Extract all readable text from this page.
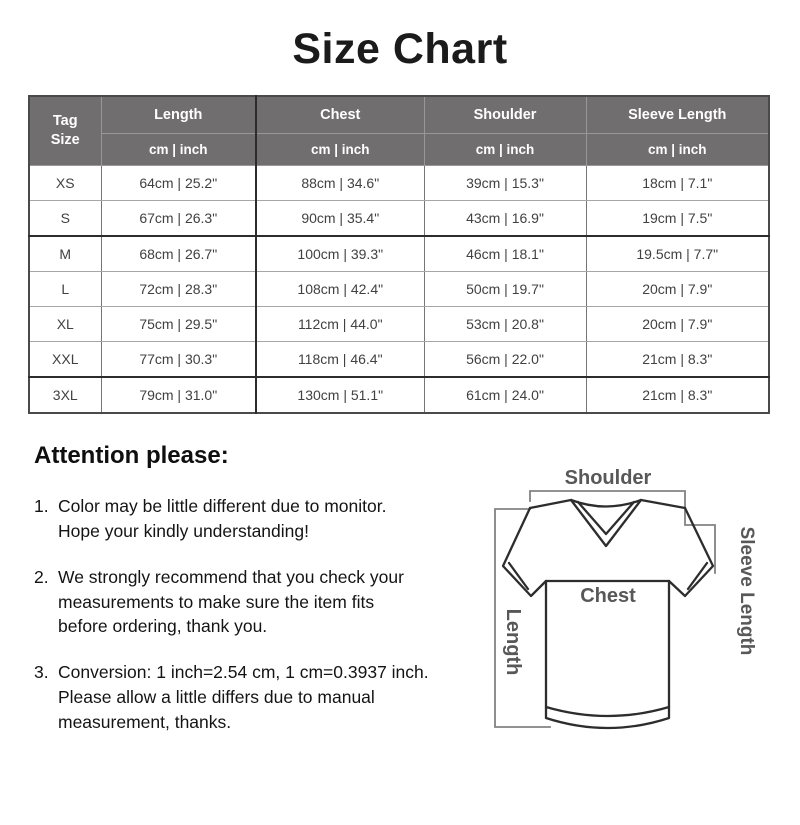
Size Chart
Tag
Size	Length	Chest	Shoulder	Sleeve Length
	cm | inch	cm | inch	cm | inch	cm | inch
XS	64cm | 25.2"	88cm | 34.6"	39cm | 15.3"	18cm | 7.1"
S	67cm | 26.3"	90cm | 35.4"	43cm | 16.9"	19cm | 7.5"
M	68cm | 26.7"	100cm | 39.3"	46cm | 18.1"	19.5cm | 7.7"
L	72cm | 28.3"	108cm | 42.4"	50cm | 19.7"	20cm | 7.9"
XL	75cm | 29.5"	112cm | 44.0"	53cm | 20.8"	20cm | 7.9"
XXL	77cm | 30.3"	118cm | 46.4"	56cm | 22.0"	21cm | 8.3"
3XL	79cm | 31.0"	130cm | 51.1"	61cm | 24.0"	21cm | 8.3"
Attention please:
1. Color may be little different due to monitor.
Hope your kindly understanding!
2. We strongly recommend that you check your
measurements to make sure the item fits
before ordering, thank you.
3. Conversion: 1 inch=2.54 cm, 1 cm=0.3937 inch.
Please allow a little differs due to manual
measurement, thanks.
Shoulder
Chest
Length	Sleeve Length
